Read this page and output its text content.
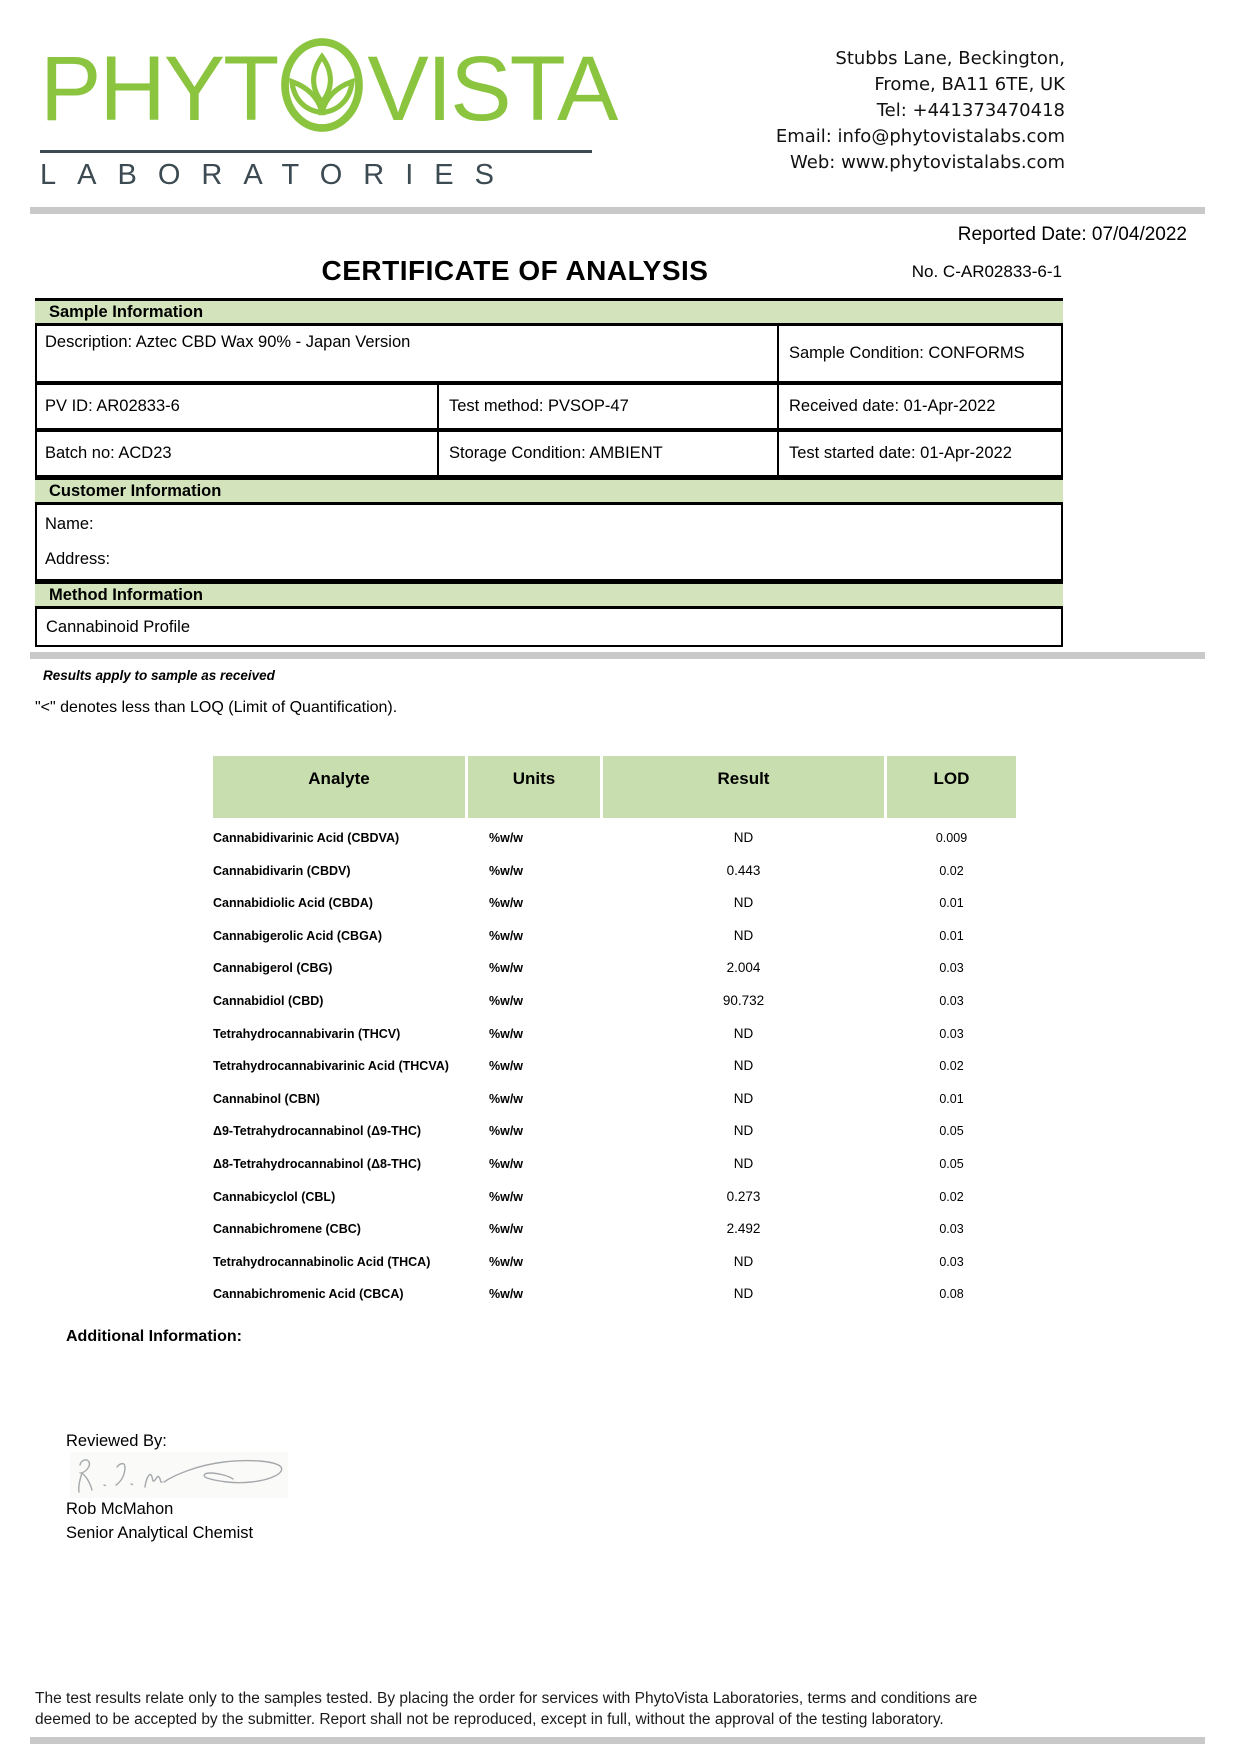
PHYT VISTA
LABORATORIES
Stubbs Lane, Beckington,
Frome, BA11 6TE, UK
Tel: +441373470418
Email: info@phytovistalabs.com
Web: www.phytovistalabs.com
Reported Date: 07/04/2022
CERTIFICATE OF ANALYSIS	No. C-AR02833-6-1
Sample Information
Description: Aztec CBD Wax 90% - Japan Version
Sample Condition: CONFORMS
PV ID: AR02833-6	Test method: PVSOP-47	Received date: 01-Apr-2022
Batch no: ACD23	Storage Condition: AMBIENT	Test started date: 01-Apr-2022
Customer Information
Name:
Address:
Method Information
Cannabinoid Profile
Results apply to sample as received
"<" denotes less than LOQ (Limit of Quantification).
Analyte	Units	Result	LOD
Cannabidivarinic Acid (CBDVA)	%w/w	ND	0.009
Cannabidivarin (CBDV)	%w/w	0.443	0.02
Cannabidiolic Acid (CBDA)	%w/w	ND	0.01
Cannabigerolic Acid (CBGA)	%w/w	ND	0.01
Cannabigerol (CBG)	%w/w	2.004	0.03
Cannabidiol (CBD)	%w/w	90.732	0.03
Tetrahydrocannabivarin (THCV)	%w/w	ND	0.03
Tetrahydrocannabivarinic Acid (THCVA)	%w/w	ND	0.02
Cannabinol (CBN)	%w/w	ND	0.01
Δ9-Tetrahydrocannabinol (Δ9-THC)	%w/w	ND	0.05
Δ8-Tetrahydrocannabinol (Δ8-THC)	%w/w	ND	0.05
Cannabicyclol (CBL)	%w/w	0.273	0.02
Cannabichromene (CBC)	%w/w	2.492	0.03
Tetrahydrocannabinolic Acid (THCA)	%w/w	ND	0.03
Cannabichromenic Acid (CBCA)	%w/w	ND	0.08
Additional Information:
Reviewed By:
Rob McMahon
Senior Analytical Chemist
The test results relate only to the samples tested. By placing the order for services with PhytoVista Laboratories, terms and conditions are
deemed to be accepted by the submitter. Report shall not be reproduced, except in full, without the approval of the testing laboratory.
